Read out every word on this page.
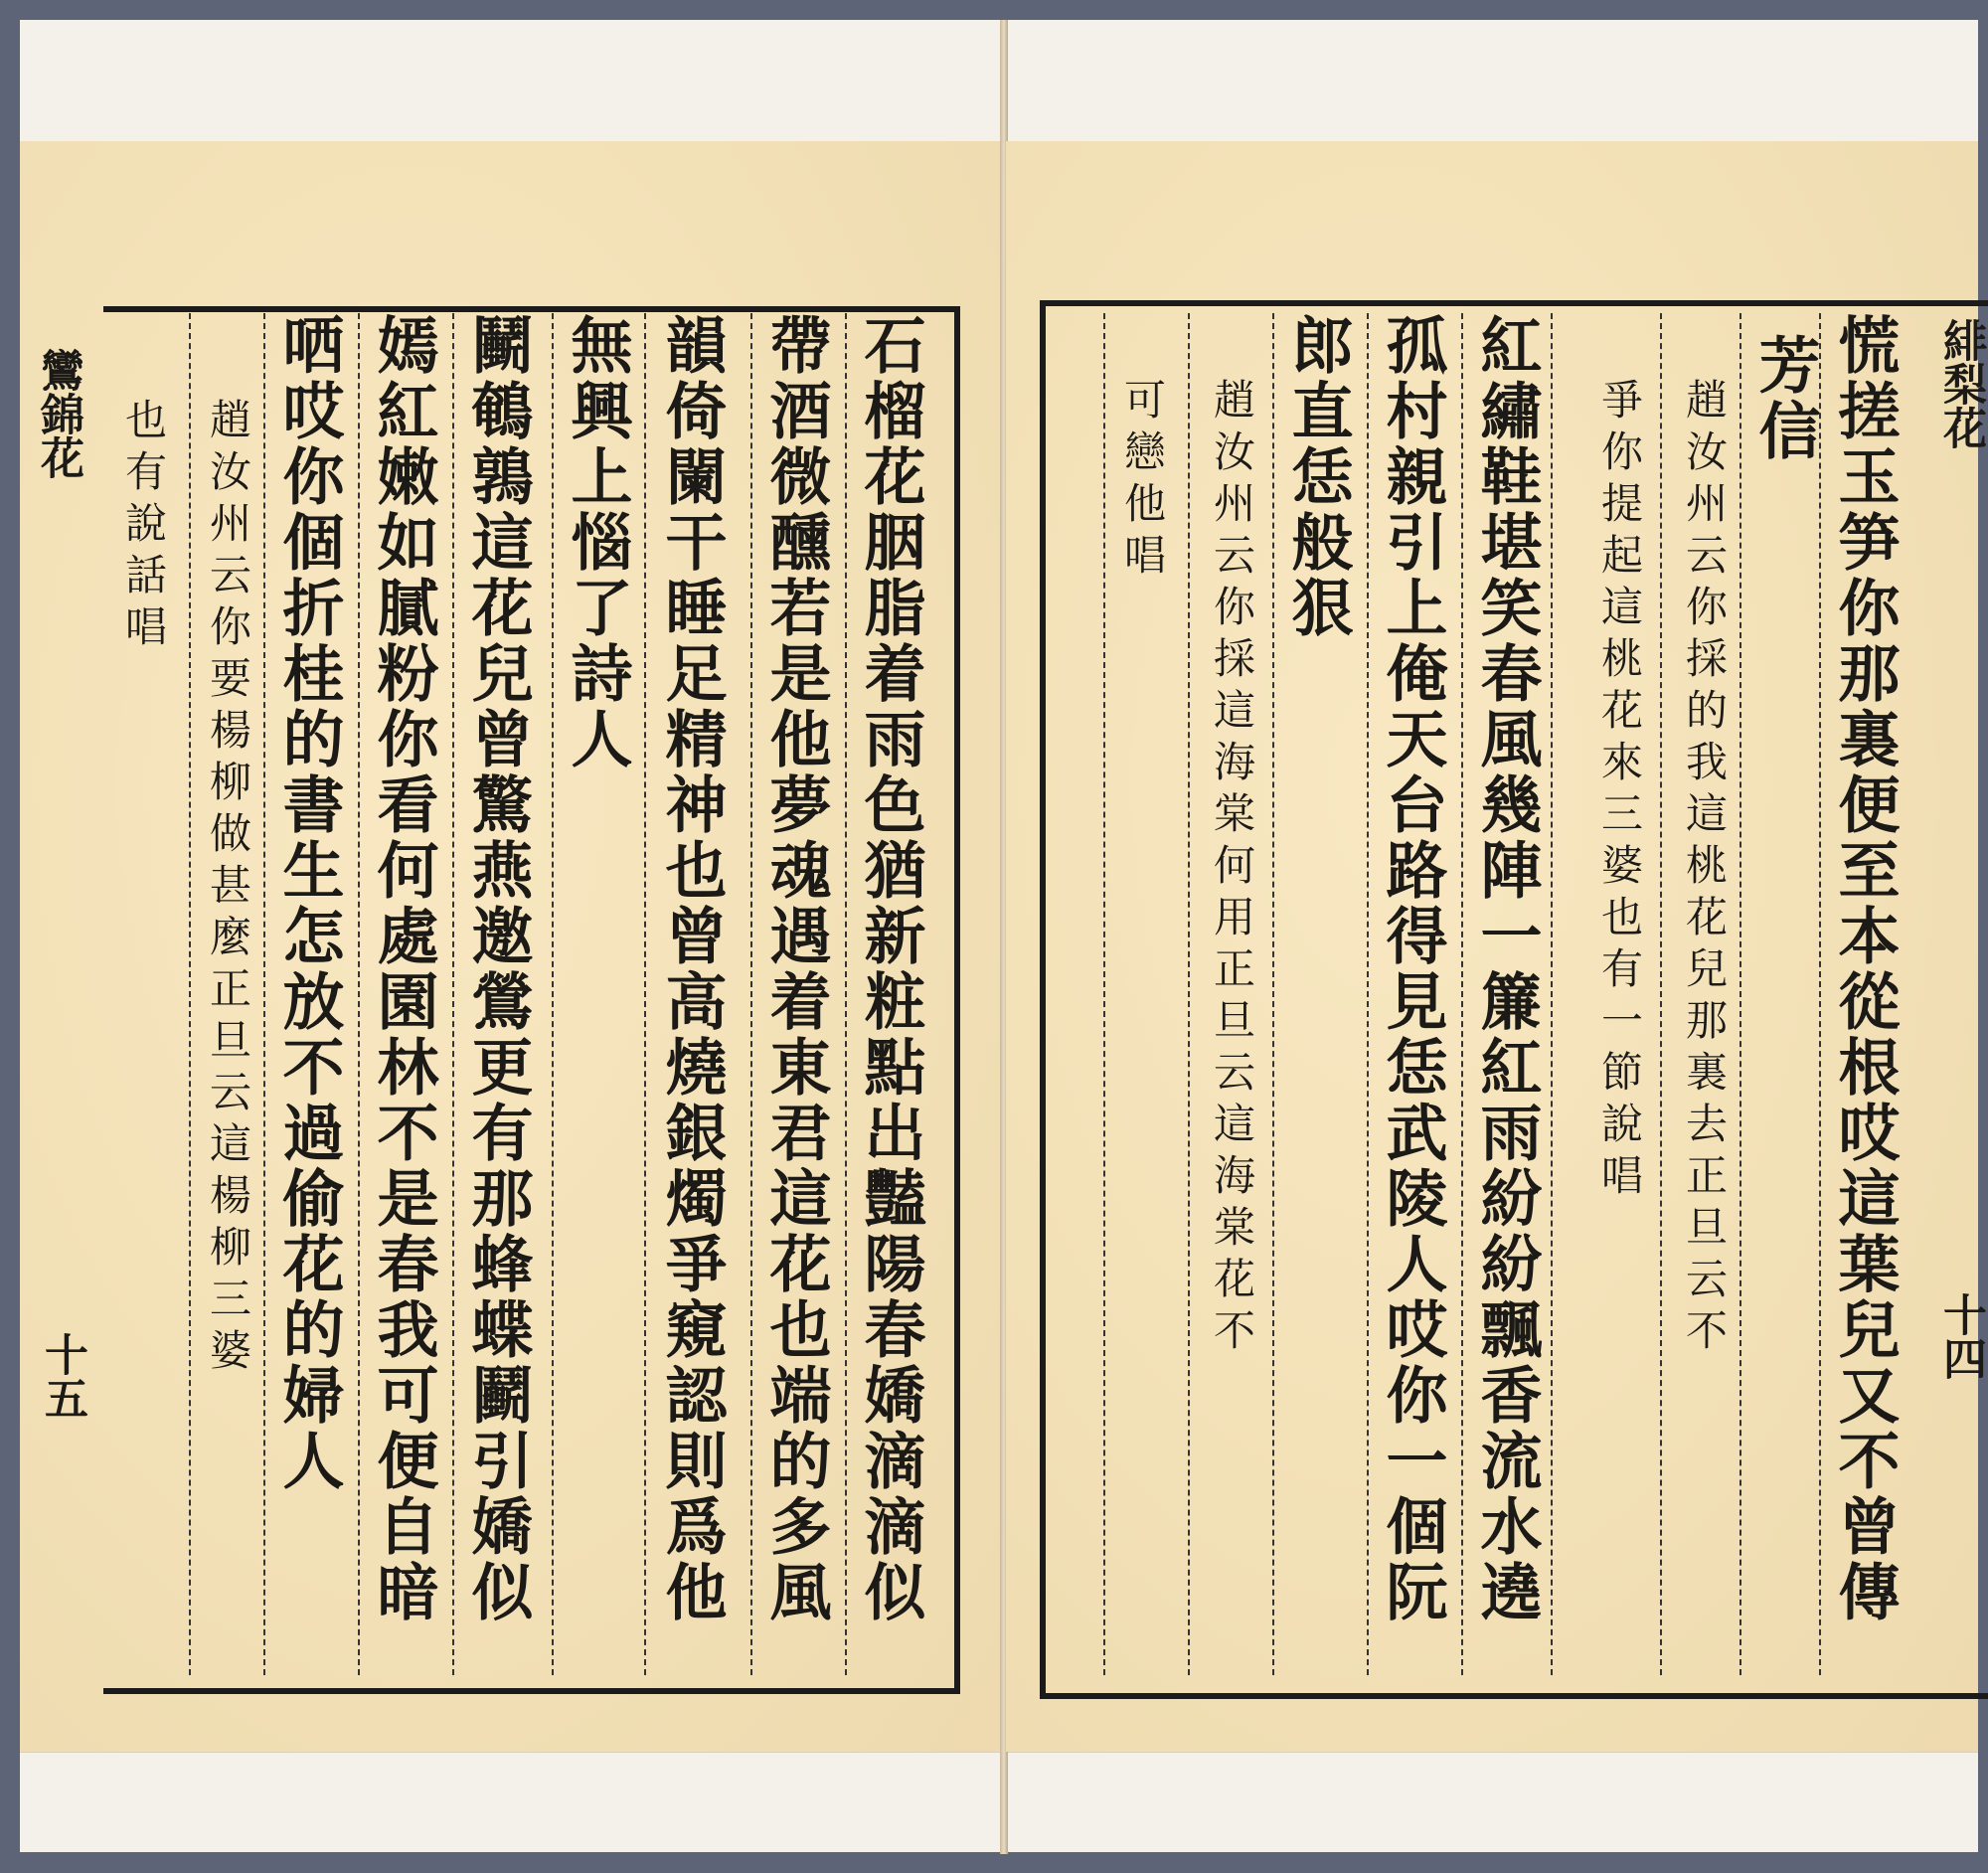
鸞錦花
十五	石榴花胭脂着雨色猶新粧點出豔陽春嬌滴滴似
帶酒微醺若是他夢魂遇着東君這花也端的多風
韻倚闌干睡足精神也曾高燒銀燭爭窺認則爲他
無興上惱了詩人
鬭鵪鶉這花兒曾驚燕邀鶯更有那蜂蝶鬬引嬌似
嫣紅嫩如膩粉你看何處園林不是春我可便自暗
哂哎你個折桂的書生怎放不過偷花的婦人
趙汝州云你要楊柳做甚麼正旦云這楊柳三婆
也有說話唱
緋梨花
十四
慌搓玉笋你那裏便至本從根哎這葉兒又不曾傳
芳信
趙汝州云你採的我這桃花兒那裏去正旦云不
爭你提起這桃花來三婆也有一節說唱
紅繡鞋堪笑春風幾陣一簾紅雨紛紛飄香流水遶
孤村親引上俺天台路得見恁武陵人哎你一個阮
郎直恁般狠
趙汝州云你採這海棠何用正旦云這海棠花不
可戀他唱
